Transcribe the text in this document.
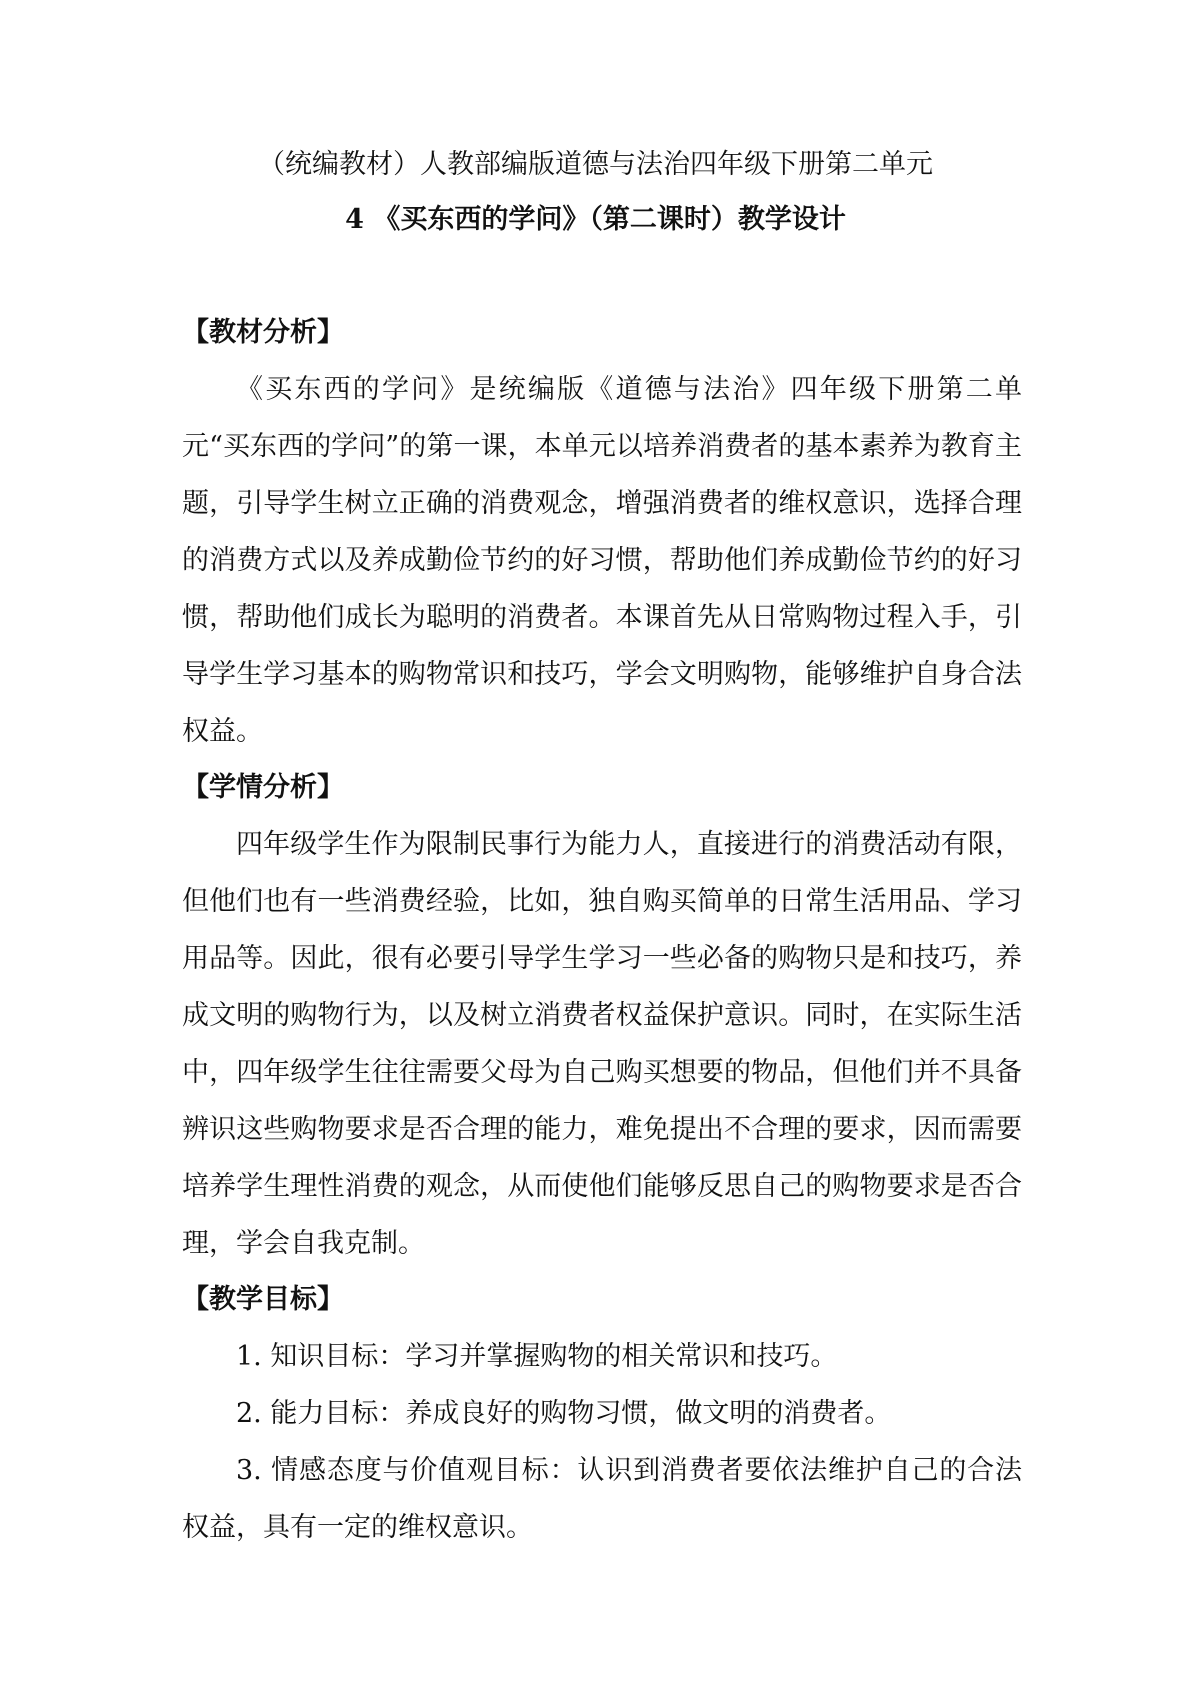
（统编教材）人教部编版道德与法治四年级下册第二单元
4 《买东西的学问》（第二课时）教学设计

【教材分析】

《买东西的学问》是统编版《道德与法治》四年级下册第二单元“买东西的学问”的第一课，本单元以培养消费者的基本素养为教育主题，引导学生树立正确的消费观念，增强消费者的维权意识，选择合理的消费方式以及养成勤俭节约的好习惯，帮助他们养成勤俭节约的好习惯，帮助他们成长为聪明的消费者。本课首先从日常购物过程入手，引导学生学习基本的购物常识和技巧，学会文明购物，能够维护自身合法权益。

【学情分析】

四年级学生作为限制民事行为能力人，直接进行的消费活动有限，但他们也有一些消费经验，比如，独自购买简单的日常生活用品、学习用品等。因此，很有必要引导学生学习一些必备的购物只是和技巧，养成文明的购物行为，以及树立消费者权益保护意识。同时，在实际生活中，四年级学生往往需要父母为自己购买想要的物品，但他们并不具备辨识这些购物要求是否合理的能力，难免提出不合理的要求，因而需要培养学生理性消费的观念，从而使他们能够反思自己的购物要求是否合理，学会自我克制。

【教学目标】

1. 知识目标：学习并掌握购物的相关常识和技巧。

2. 能力目标：养成良好的购物习惯，做文明的消费者。

3. 情感态度与价值观目标：认识到消费者要依法维护自己的合法权益，具有一定的维权意识。
